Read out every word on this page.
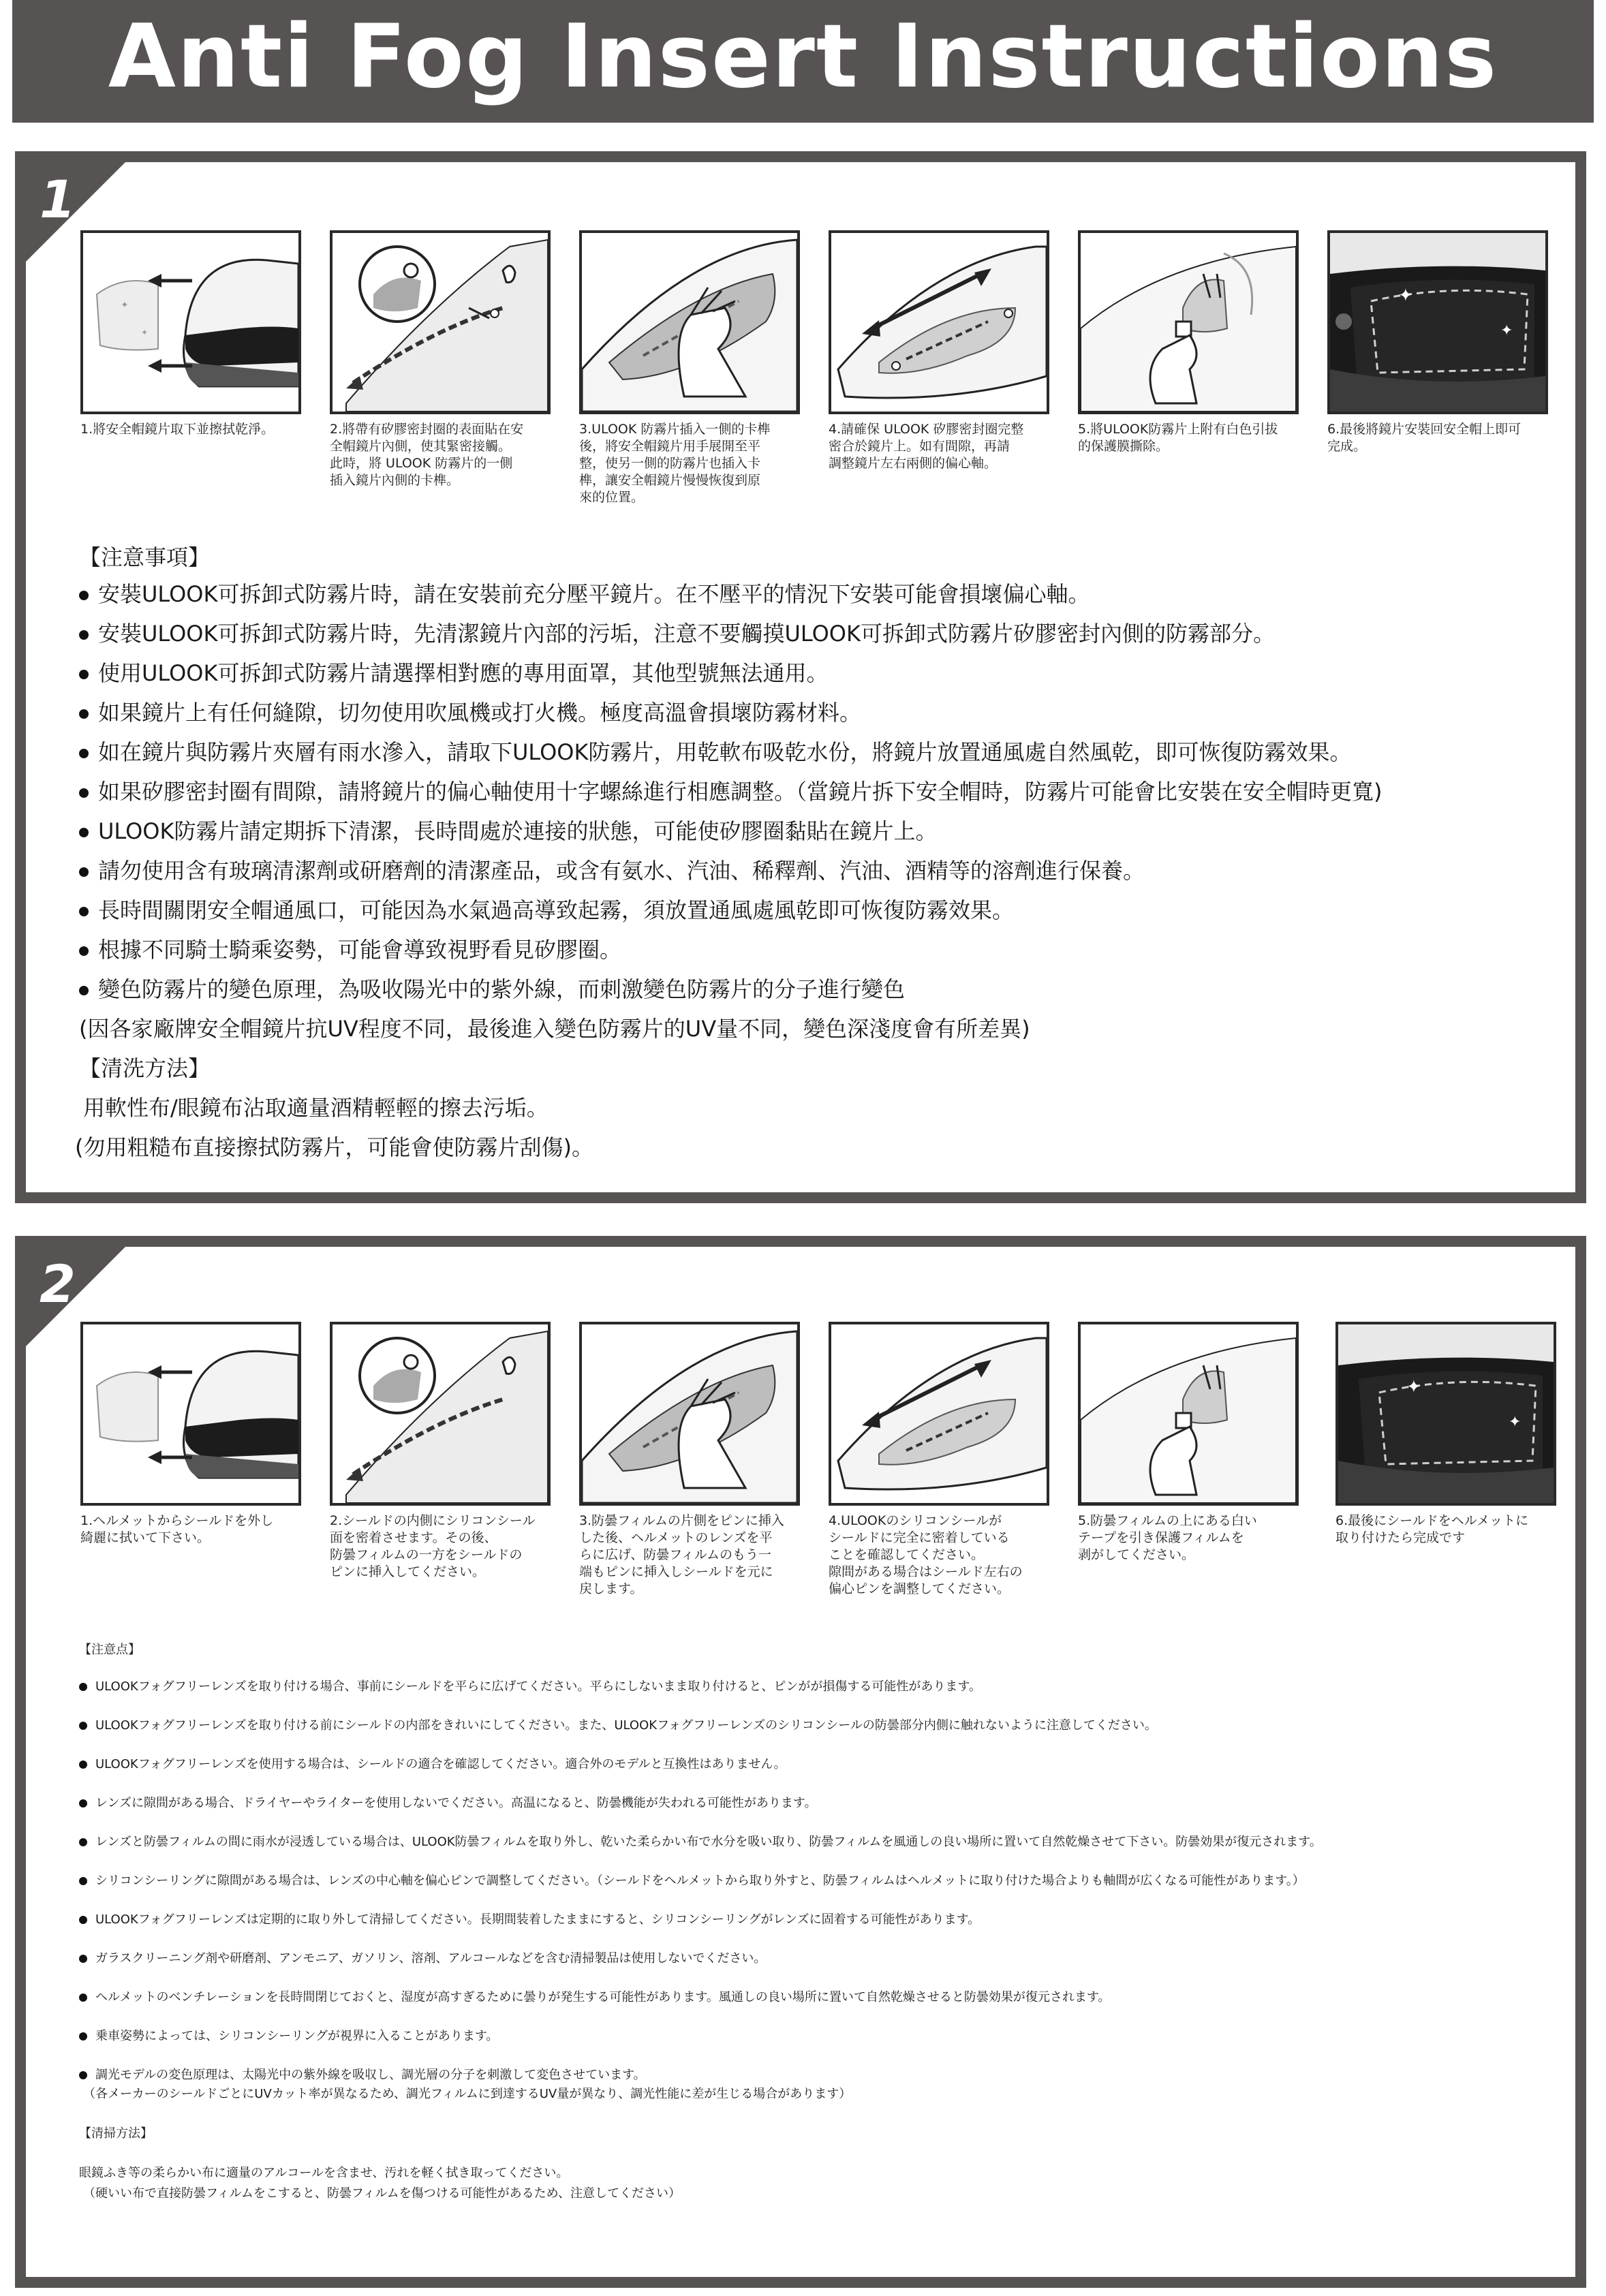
Anti Fog Insert Instructions
1
✦
✦
1.將安全帽鏡片取下並擦拭乾淨。	2.將帶有矽膠密封圈的表面貼在安
全帽鏡片內側，使其緊密接觸。
此時，將 ULOOK 防霧片的一側
插入鏡片內側的卡榫。
3.ULOOK 防霧片插入一側的卡榫
後，將安全帽鏡片用手展開至平
整，使另一側的防霧片也插入卡
榫，讓安全帽鏡片慢慢恢復到原
來的位置。
4.請確保 ULOOK 矽膠密封圈完整
密合於鏡片上。如有間隙，再請
調整鏡片左右兩側的偏心軸。
5.將ULOOK防霧片上附有白色引拔
的保護膜撕除。
✦
✦
6.最後將鏡片安裝回安全帽上即可
完成。
【注意事項】
安裝ULOOK可拆卸式防霧片時，請在安裝前充分壓平鏡片。在不壓平的情況下安裝可能會損壞偏心軸。
安裝ULOOK可拆卸式防霧片時，先清潔鏡片內部的污垢，注意不要觸摸ULOOK可拆卸式防霧片矽膠密封內側的防霧部分。
使用ULOOK可拆卸式防霧片請選擇相對應的專用面罩，其他型號無法通用。
如果鏡片上有任何縫隙，切勿使用吹風機或打火機。極度高溫會損壞防霧材料。
如在鏡片與防霧片夾層有雨水滲入，請取下ULOOK防霧片，用乾軟布吸乾水份，將鏡片放置通風處自然風乾，即可恢復防霧效果。
如果矽膠密封圈有間隙，請將鏡片的偏心軸使用十字螺絲進行相應調整。（當鏡片拆下安全帽時，防霧片可能會比安裝在安全帽時更寬)
ULOOK防霧片請定期拆下清潔，長時間處於連接的狀態，可能使矽膠圈黏貼在鏡片上。
請勿使用含有玻璃清潔劑或研磨劑的清潔產品，或含有氨水、汽油、稀釋劑、汽油、酒精等的溶劑進行保養。
長時間關閉安全帽通風口，可能因為水氣過高導致起霧，須放置通風處風乾即可恢復防霧效果。
根據不同騎士騎乘姿勢，可能會導致視野看見矽膠圈。
變色防霧片的變色原理，為吸收陽光中的紫外線，而刺激變色防霧片的分子進行變色
(因各家廠牌安全帽鏡片抗UV程度不同，最後進入變色防霧片的UV量不同，變色深淺度會有所差異)
【清洗方法】
用軟性布/眼鏡布沾取適量酒精輕輕的擦去污垢。
(勿用粗糙布直接擦拭防霧片，可能會使防霧片刮傷)。
2
1.ヘルメットからシールドを外し
綺麗に拭いて下さい。
2.シールドの内側にシリコンシール
面を密着させます。その後、
防曇フィルムの一方をシールドの
ピンに挿入してください。
3.防曇フィルムの片側をピンに挿入
した後、ヘルメットのレンズを平
らに広げ、防曇フィルムのもう一
端もピンに挿入しシールドを元に
戻します。
4.ULOOKのシリコンシールが
シールドに完全に密着している
ことを確認してください。
隙間がある場合はシールド左右の
偏心ピンを調整してください。
5.防曇フィルムの上にある白い
テープを引き保護フィルムを
剥がしてください。
✦
✦
6.最後にシールドをヘルメットに
取り付けたら完成です
【注意点】
ULOOKフォグフリーレンズを取り付ける場合、事前にシールドを平らに広げてください。平らにしないまま取り付けると、ピンがが損傷する可能性があります。
ULOOKフォグフリーレンズを取り付ける前にシールドの内部をきれいにしてください。また、ULOOKフォグフリーレンズのシリコンシールの防曇部分内側に触れないように注意してください。
ULOOKフォグフリーレンズを使用する場合は、シールドの適合を確認してください。適合外のモデルと互換性はありません。
レンズに隙間がある場合、ドライヤーやライターを使用しないでください。高温になると、防曇機能が失われる可能性があります。
レンズと防曇フィルムの間に雨水が浸透している場合は、ULOOK防曇フィルムを取り外し、乾いた柔らかい布で水分を吸い取り、防曇フィルムを風通しの良い場所に置いて自然乾燥させて下さい。防曇効果が復元されます。
シリコンシーリングに隙間がある場合は、レンズの中心軸を偏心ピンで調整してください。（シールドをヘルメットから取り外すと、防曇フィルムはヘルメットに取り付けた場合よりも軸間が広くなる可能性があります。）
ULOOKフォグフリーレンズは定期的に取り外して清掃してください。長期間装着したままにすると、シリコンシーリングがレンズに固着する可能性があります。
ガラスクリーニング剤や研磨剤、アンモニア、ガソリン、溶剤、アルコールなどを含む清掃製品は使用しないでください。
ヘルメットのベンチレーションを長時間閉じておくと、湿度が高すぎるために曇りが発生する可能性があります。風通しの良い場所に置いて自然乾燥させると防曇効果が復元されます。
乗車姿勢によっては、シリコンシーリングが視界に入ることがあります。
調光モデルの変色原理は、太陽光中の紫外線を吸収し、調光層の分子を刺激して変色させています。
（各メーカーのシールドごとにUVカット率が異なるため、調光フィルムに到達するUV量が異なり、調光性能に差が生じる場合があります）
【清掃方法】
眼鏡ふき等の柔らかい布に適量のアルコールを含ませ、汚れを軽く拭き取ってください。
（硬いい布で直接防曇フィルムをこすると、防曇フィルムを傷つける可能性があるため、注意してください）
